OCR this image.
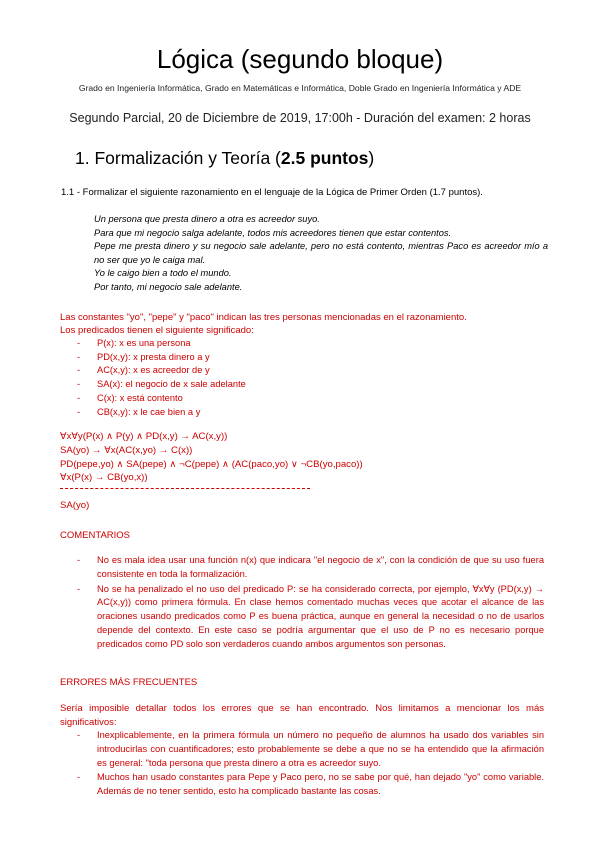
Lógica (segundo bloque)
Grado en Ingeniería Informática, Grado en Matemáticas e Informática, Doble Grado en Ingeniería Informática y ADE
Segundo Parcial, 20 de Diciembre de 2019, 17:00h - Duración del examen: 2 horas
1. Formalización y Teoría (2.5 puntos)
1.1 - Formalizar el siguiente razonamiento en el lenguaje de la Lógica de Primer Orden (1.7 puntos).
Un persona que presta dinero a otra es acreedor suyo.
Para que mi negocio salga adelante, todos mis acreedores tienen que estar contentos.
Pepe me presta dinero y su negocio sale adelante, pero no está contento, mientras Paco es acreedor mío a no ser que yo le caiga mal.
Yo le caigo bien a todo el mundo.
Por tanto, mi negocio sale adelante.
Las constantes "yo", "pepe" y "paco" indican las tres personas mencionadas en el razonamiento.
Los predicados tienen el siguiente significado:
- P(x): x es una persona
- PD(x,y): x presta dinero a y
- AC(x,y): x es acreedor de y
- SA(x): el negocio de x sale adelante
- C(x): x está contento
- CB(x,y): x le cae bien a y
∀x∀y(P(x) ∧ P(y) ∧ PD(x,y) → AC(x,y))
SA(yo) → ∀x(AC(x,yo) → C(x))
PD(pepe,yo) ∧ SA(pepe) ∧ ¬C(pepe) ∧ (AC(paco,yo) ∨ ¬CB(yo,paco))
∀x(P(x) → CB(yo,x))
SA(yo)
COMENTARIOS
- No es mala idea usar una función n(x) que indicara "el negocio de x", con la condición de que su uso fuera consistente en toda la formalización.
- No se ha penalizado el no uso del predicado P: se ha considerado correcta, por ejemplo, ∀x∀y (PD(x,y) → AC(x,y)) como primera fórmula. En clase hemos comentado muchas veces que acotar el alcance de las oraciones usando predicados como P es buena práctica, aunque en general la necesidad o no de usarlos depende del contexto. En este caso se podría argumentar que el uso de P no es necesario porque predicados como PD solo son verdaderos cuando ambos argumentos son personas.
ERRORES MÁS FRECUENTES
Sería imposible detallar todos los errores que se han encontrado. Nos limitamos a mencionar los más significativos:
- Inexplicablemente, en la primera fórmula un número no pequeño de alumnos ha usado dos variables sin introducirlas con cuantificadores; esto probablemente se debe a que no se ha entendido que la afirmación es general: "toda persona que presta dinero a otra es acreedor suyo.
- Muchos han usado constantes para Pepe y Paco pero, no se sabe por qué, han dejado "yo" como variable. Además de no tener sentido, esto ha complicado bastante las cosas.
